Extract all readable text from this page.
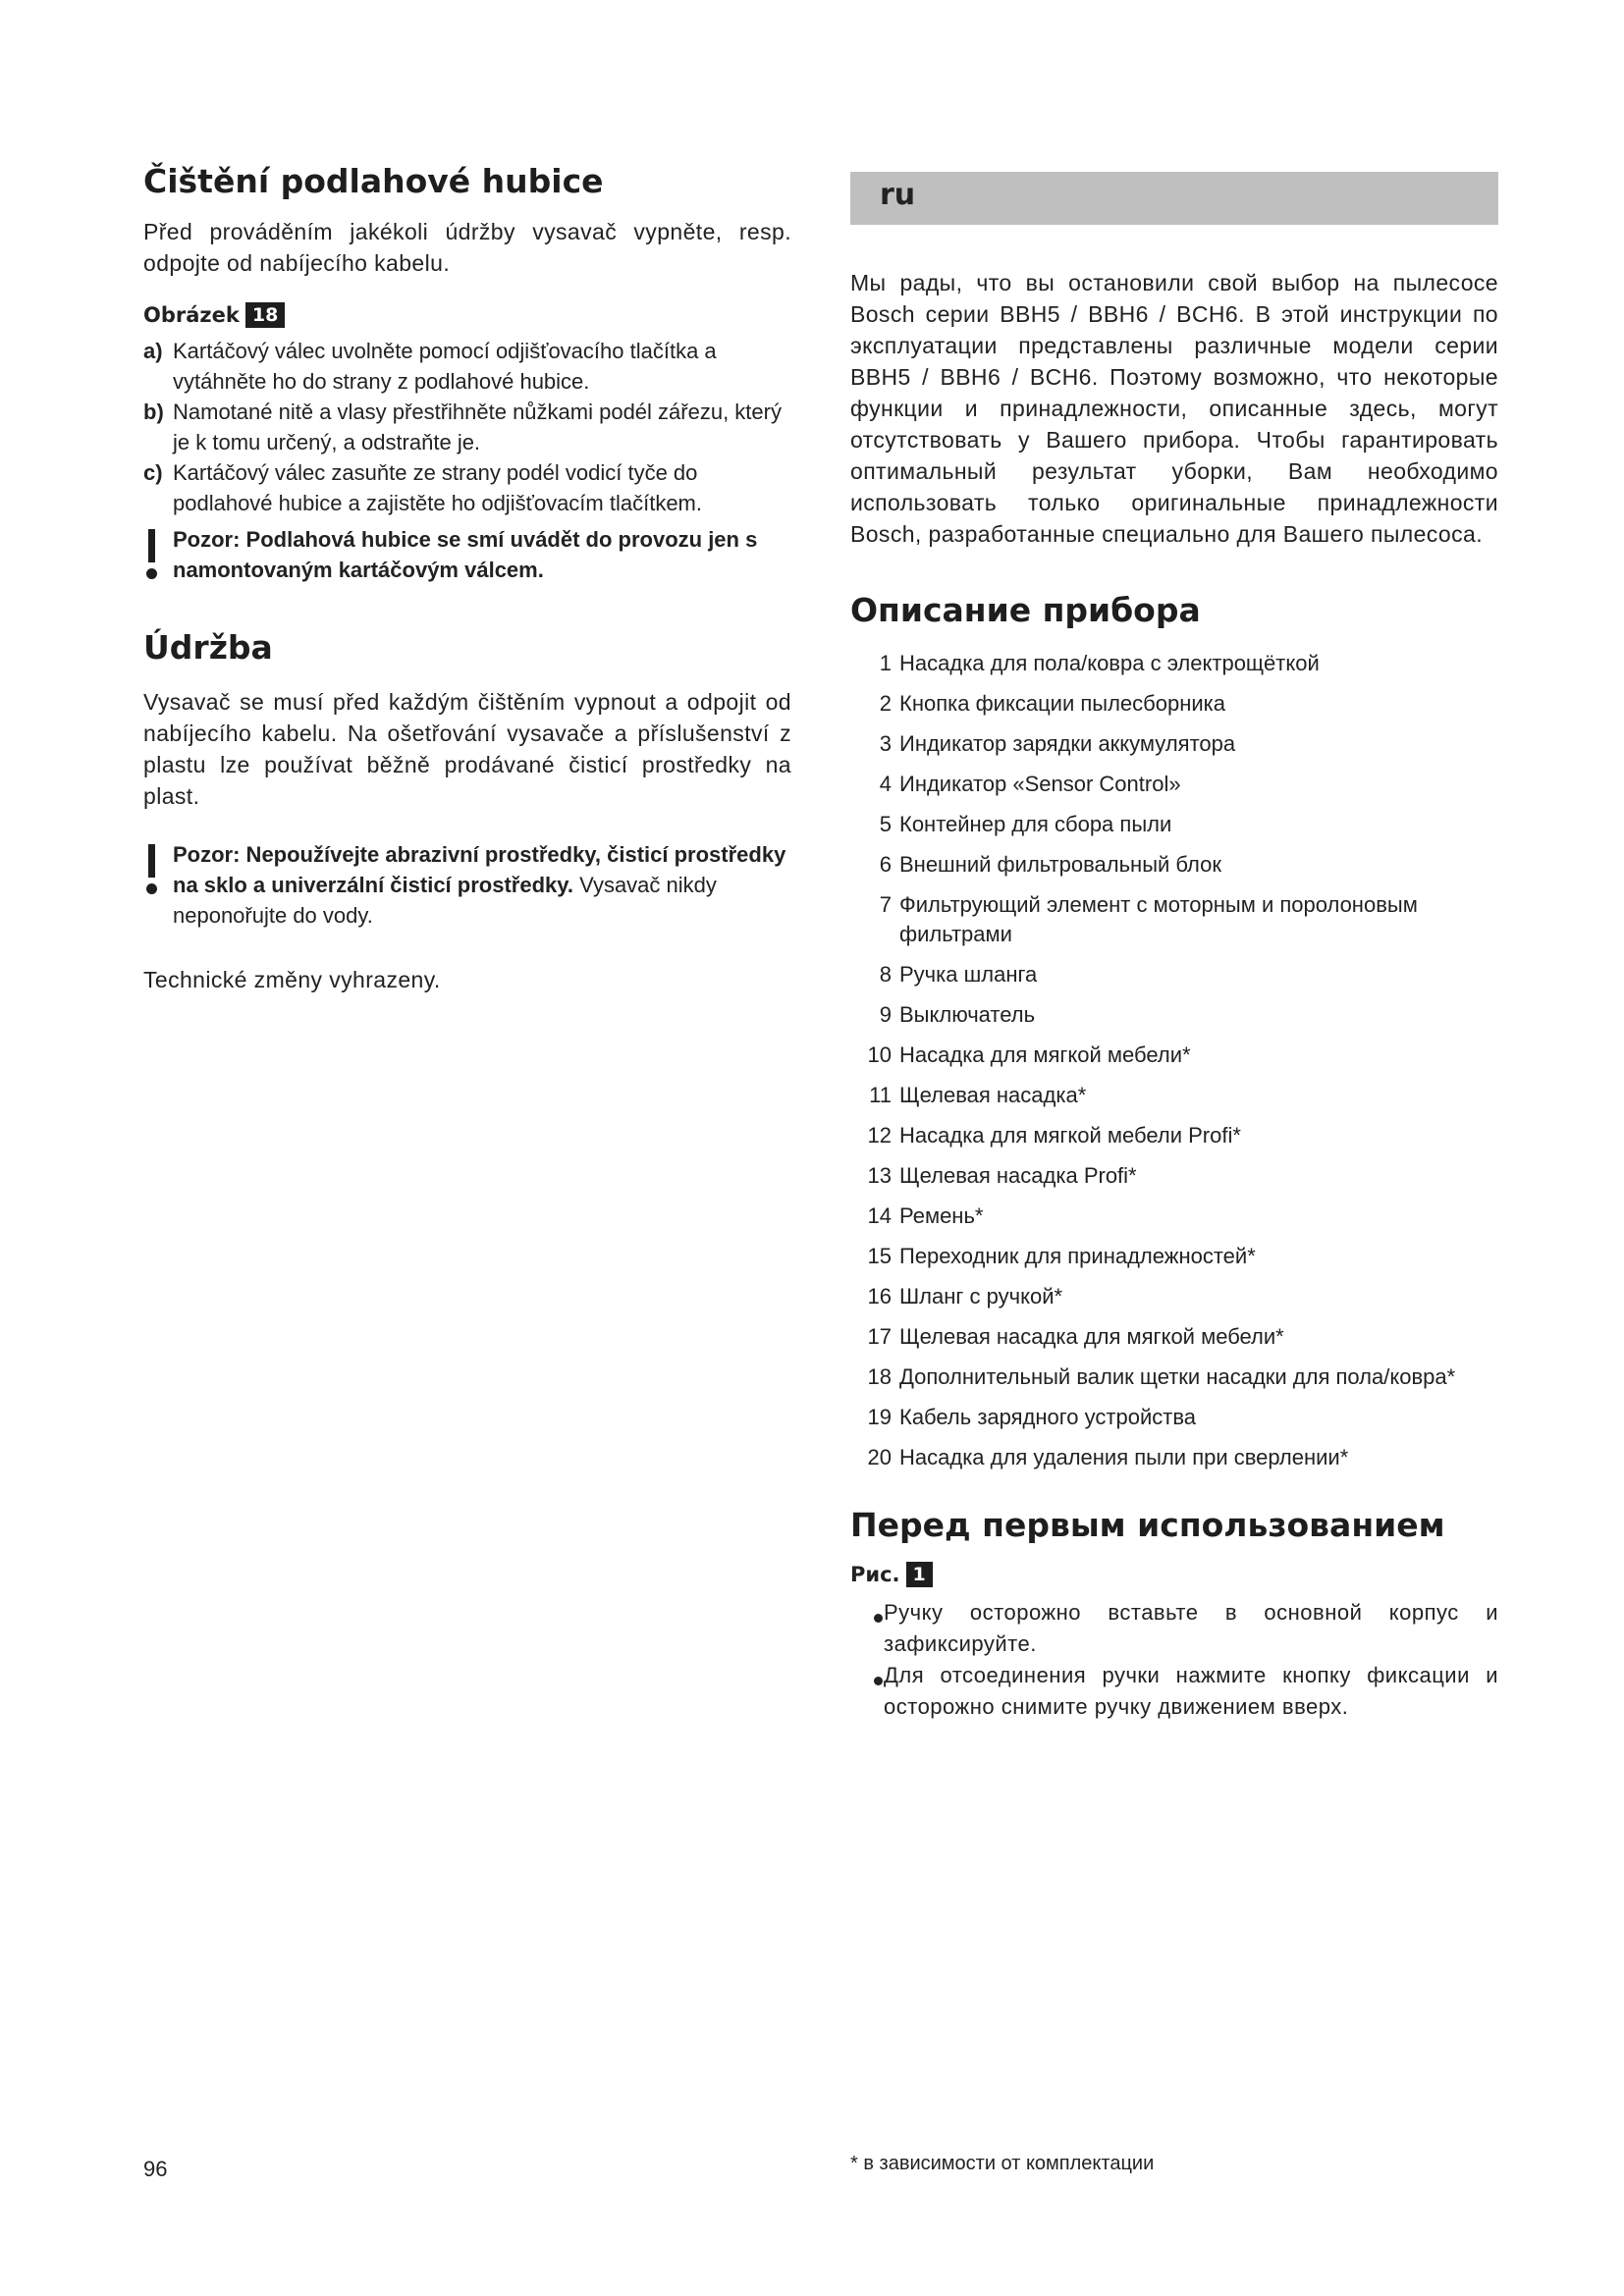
Čištění podlahové hubice

Před prováděním jakékoli údržby vysavač vypněte, resp. odpojte od nabíjecího kabelu.

Obrázek 18
a) Kartáčový válec uvolněte pomocí odjišťovacího tlačítka a vytáhněte ho do strany z podlahové hubice.
b) Namotané nitě a vlasy přestřihněte nůžkami podél zářezu, který je k tomu určený, a odstraňte je.
c) Kartáčový válec zasuňte ze strany podél vodicí tyče do podlahové hubice a zajistěte ho odjišťovacím tlačítkem.
Pozor: Podlahová hubice se smí uvádět do provozu jen s namontovaným kartáčovým válcem.
Údržba

Vysavač se musí před každým čištěním vypnout a odpojit od nabíjecího kabelu. Na ošetřování vysavače a příslušenství z plastu lze používat běžně prodávané čisticí prostředky na plast.

Pozor: Nepoužívejte abrazivní prostředky, čisticí prostředky na sklo a univerzální čisticí prostředky. Vysavač nikdy neponořujte do vody.

Technické změny vyhrazeny.

ru

Мы рады, что вы остановили свой выбор на пылесосе Bosch серии BBH5 / BBH6 / BCH6. В этой инструкции по эксплуатации представлены различные модели серии BBH5 / BBH6 / BCH6. Поэтому возможно, что некоторые функции и принадлежности, описанные здесь, могут отсутствовать у Вашего прибора. Чтобы гарантировать оптимальный результат уборки, Вам необходимо использовать только оригинальные принадлежности Bosch, разработанные специально для Вашего пылесоса.

Описание прибора
1 Насадка для пола/ковра с электрощёткой
2 Кнопка фиксации пылесборника
3 Индикатор зарядки аккумулятора
4 Индикатор «Sensor Control»
5 Контейнер для сбора пыли
6 Внешний фильтровальный блок
7 Фильтрующий элемент с моторным и поролоновым фильтрами
8 Ручка шланга
9 Выключатель
10 Насадка для мягкой мебели*
11 Щелевая насадка*
12 Насадка для мягкой мебели Profi*
13 Щелевая насадка Profi*
14 Ремень*
15 Переходник для принадлежностей*
16 Шланг с ручкой*
17 Щелевая насадка для мягкой мебели*
18 Дополнительный валик щетки насадки для пола/ковра*
19 Кабель зарядного устройства
20 Насадка для удаления пыли при сверлении*
Перед первым использованием
Рис. 1
Ручку осторожно вставьте в основной корпус и зафиксируйте.
Для отсоединения ручки нажмите кнопку фиксации и осторожно снимите ручку движением вверх.
96	* в зависимости от комплектации
